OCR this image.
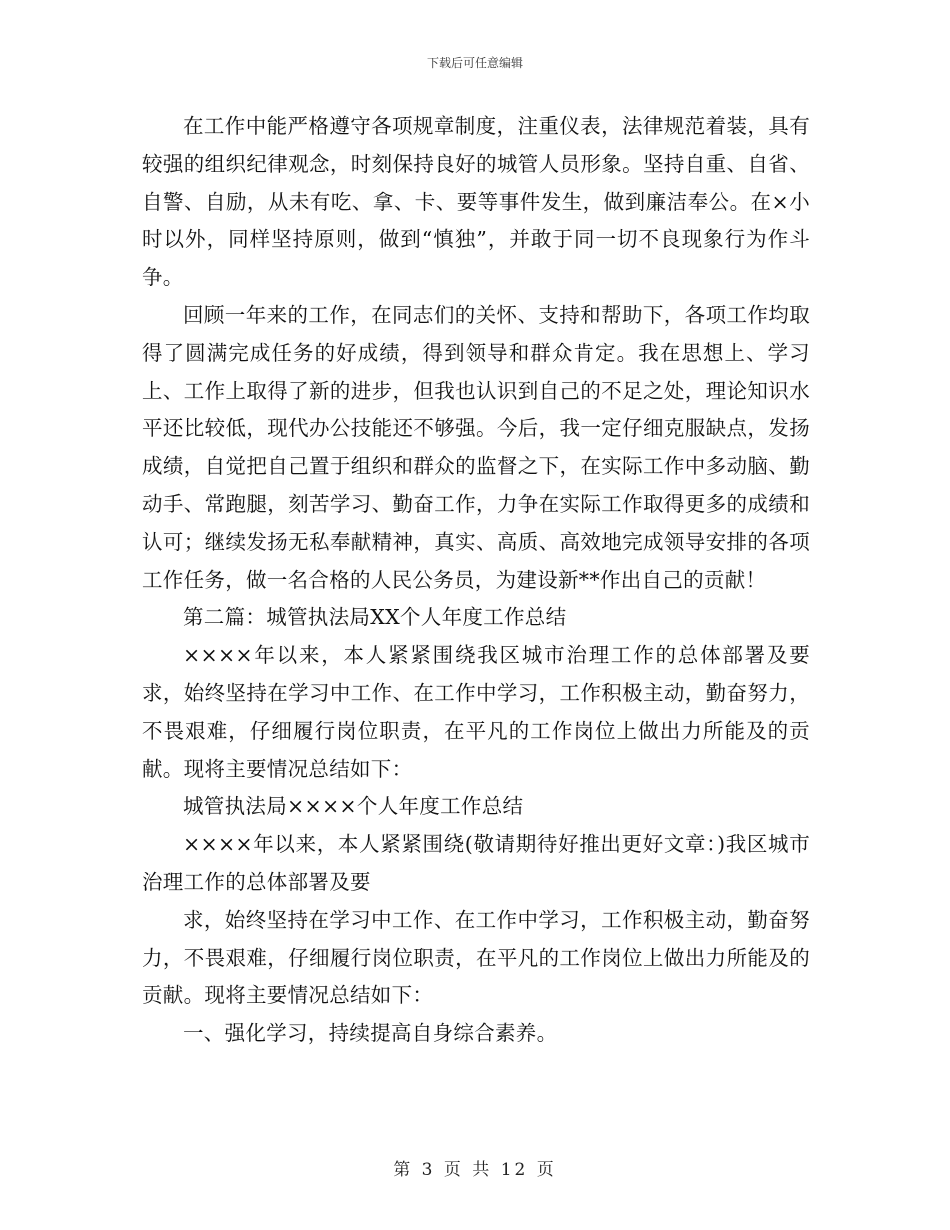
下载后可任意编辑

在工作中能严格遵守各项规章制度，注重仪表，法律规范着装，具有较强的组织纪律观念，时刻保持良好的城管人员形象。坚持自重、自省、自警、自励，从未有吃、拿、卡、要等事件发生，做到廉洁奉公。在×小时以外，同样坚持原则，做到“慎独”，并敢于同一切不良现象行为作斗争。

回顾一年来的工作，在同志们的关怀、支持和帮助下，各项工作均取得了圆满完成任务的好成绩，得到领导和群众肯定。我在思想上、学习上、工作上取得了新的进步，但我也认识到自己的不足之处，理论知识水平还比较低，现代办公技能还不够强。今后，我一定仔细克服缺点，发扬成绩，自觉把自己置于组织和群众的监督之下，在实际工作中多动脑、勤动手、常跑腿，刻苦学习、勤奋工作，力争在实际工作取得更多的成绩和认可；继续发扬无私奉献精神，真实、高质、高效地完成领导安排的各项工作任务，做一名合格的人民公务员，为建设新**作出自己的贡献！

第二篇：城管执法局XX个人年度工作总结

××××年以来，本人紧紧围绕我区城市治理工作的总体部署及要求，始终坚持在学习中工作、在工作中学习，工作积极主动，勤奋努力，不畏艰难，仔细履行岗位职责，在平凡的工作岗位上做出力所能及的贡献。现将主要情况总结如下：

城管执法局××××个人年度工作总结

××××年以来，本人紧紧围绕(敬请期待好推出更好文章：)我区城市治理工作的总体部署及要

求，始终坚持在学习中工作、在工作中学习，工作积极主动，勤奋努力，不畏艰难，仔细履行岗位职责，在平凡的工作岗位上做出力所能及的贡献。现将主要情况总结如下：

一、强化学习，持续提高自身综合素养。

第 3 页 共 12 页
